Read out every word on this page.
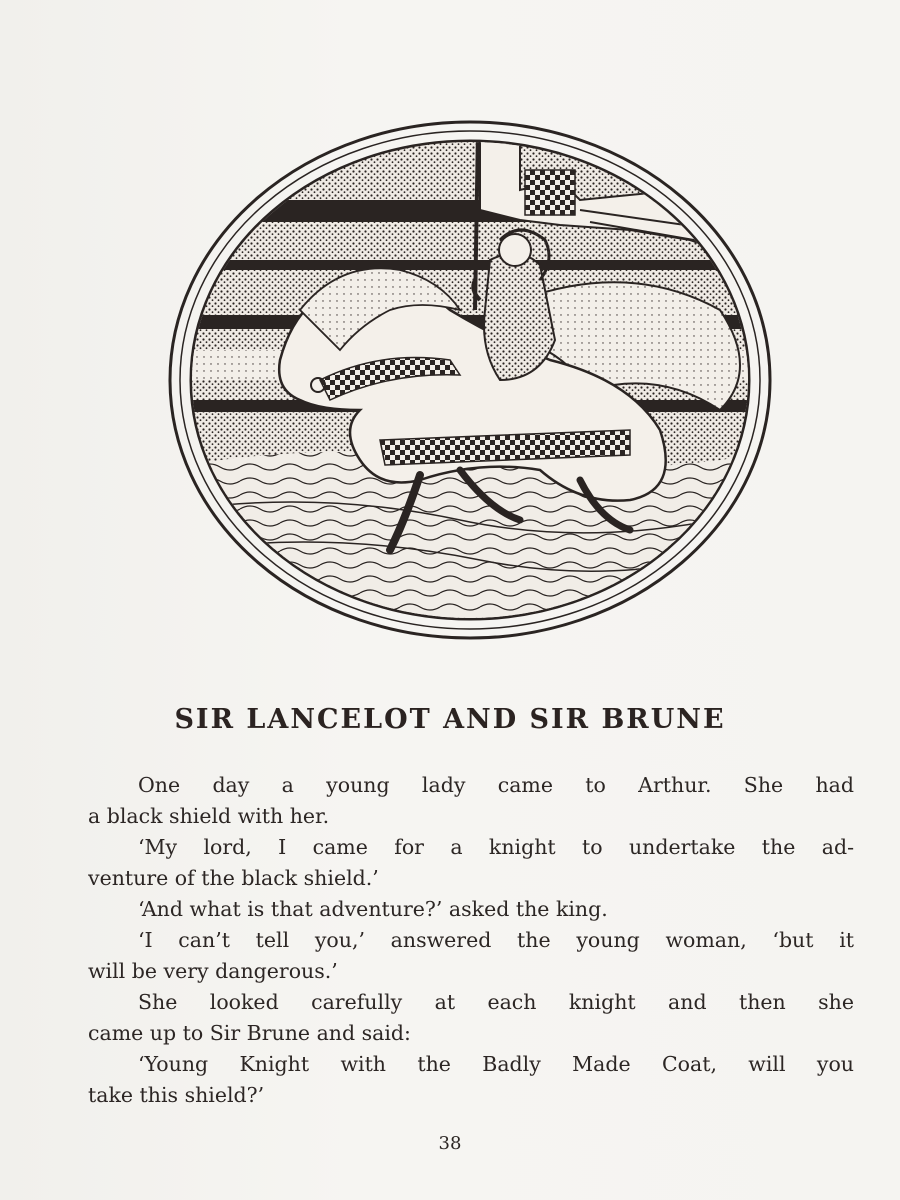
SIR LANCELOT AND SIR BRUNE
One day a young lady came to Arthur. She had
a black shield with her.
‘My lord, I came for a knight to undertake the ad-
venture of the black shield.’
‘And what is that adventure?’ asked the king.
‘I can’t tell you,’ answered the young woman, ‘but it
will be very dangerous.’
She looked carefully at each knight and then she
came up to Sir Brune and said:
‘Young Knight with the Badly Made Coat, will you
take this shield?’
38
